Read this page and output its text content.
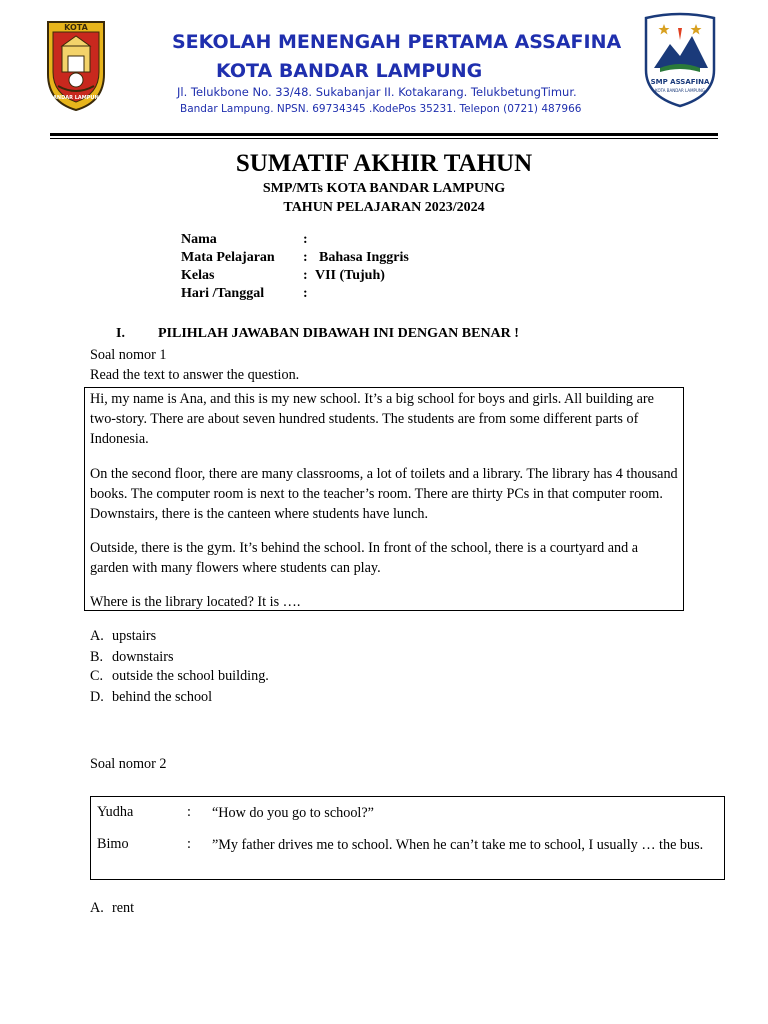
KOTA
BANDAR LAMPUNG
SEKOLAH MENENGAH PERTAMA ASSAFINA
KOTA BANDAR LAMPUNG
Jl. Telukbone No. 33/48. Sukabanjar II. Kotakarang. TelukbetungTimur.
Bandar Lampung. NPSN. 69734345 .KodePos 35231. Telepon (0721) 487966
SMP ASSAFINA
KOTA BANDAR LAMPUNG
SUMATIF AKHIR TAHUN
SMP/MTs KOTA BANDAR LAMPUNG
TAHUN PELAJARAN 2023/2024
Nama	:
Mata Pelajaran : Bahasa Inggris
Kelas	: VII (Tujuh)
Hari /Tanggal	:
I. PILIHLAH JAWABAN DIBAWAH INI DENGAN BENAR !
Soal nomor 1
Read the text to answer the question.

Hi, my name is Ana, and this is my new school. It’s a big school for boys and girls. All building are two-story. There are about seven hundred students. The students are from some different parts of Indonesia.

On the second floor, there are many classrooms, a lot of toilets and a library. The library has 4 thousand books. The computer room is next to the teacher’s room. There are thirty PCs in that computer room. Downstairs, there is the canteen where students have lunch.

Outside, there is the gym. It’s behind the school. In front of the school, there is a courtyard and a garden with many flowers where students can play.

Where is the library located? It is ….

A. upstairs
B. downstairs
C. outside the school building.
D. behind the school
Soal nomor 2
Yudha	: “How do you go to school?”
Bimo	: ”My father drives me to school. When he can’t take me to school, I usually … the bus.
A. rent
